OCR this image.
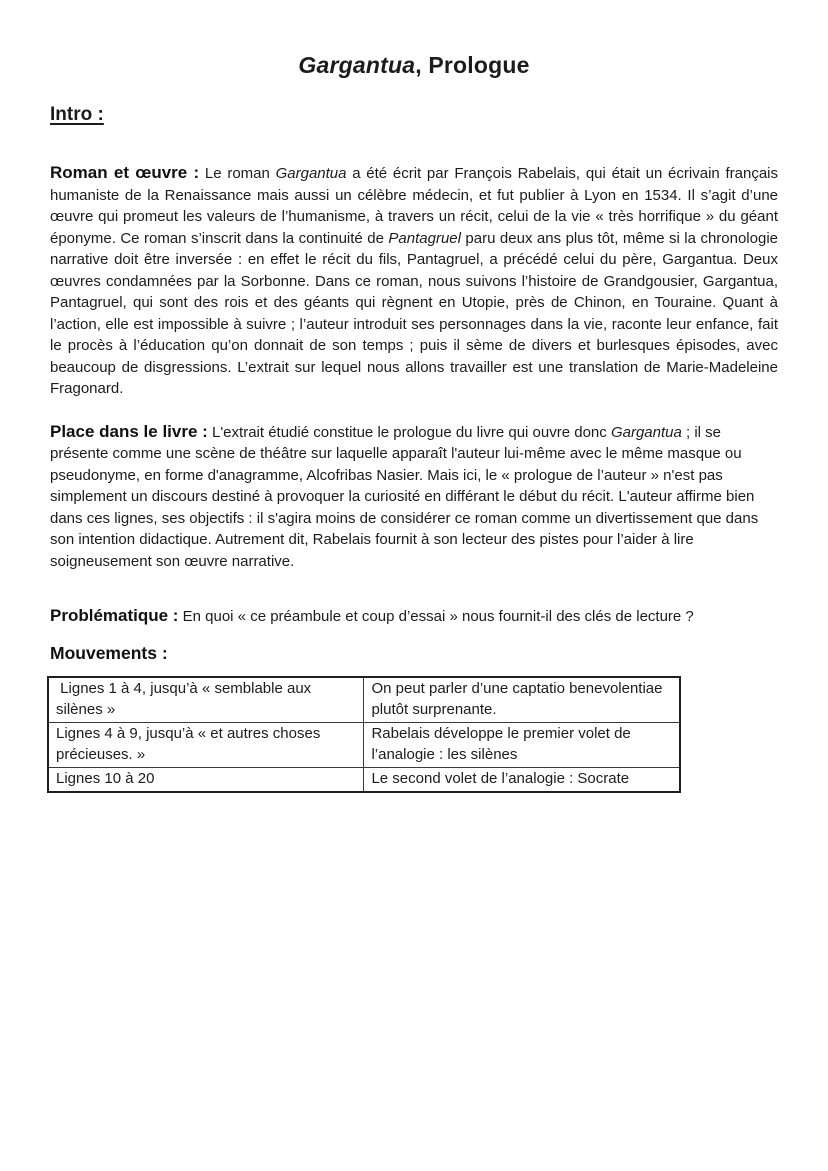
Gargantua, Prologue
Intro :

Roman et œuvre : Le roman Gargantua a été écrit par François Rabelais, qui était un écrivain français humaniste de la Renaissance mais aussi un célèbre médecin, et fut publier à Lyon en 1534. Il s’agit d’une œuvre qui promeut les valeurs de l’humanisme, à travers un récit, celui de la vie « très horrifique » du géant éponyme. Ce roman s’inscrit dans la continuité de Pantagruel paru deux ans plus tôt, même si la chronologie narrative doit être inversée : en effet le récit du fils, Pantagruel, a précédé celui du père, Gargantua. Deux œuvres condamnées par la Sorbonne. Dans ce roman, nous suivons l’histoire de Grandgousier, Gargantua, Pantagruel, qui sont des rois et des géants qui règnent en Utopie, près de Chinon, en Touraine. Quant à l’action, elle est impossible à suivre ; l’auteur introduit ses personnages dans la vie, raconte leur enfance, fait le procès à l’éducation qu’on donnait de son temps ; puis il sème de divers et burlesques épisodes, avec beaucoup de disgressions. L’extrait sur lequel nous allons travailler est une translation de Marie-Madeleine Fragonard.

Place dans le livre : L'extrait étudié constitue le prologue du livre qui ouvre donc Gargantua ; il se présente comme une scène de théâtre sur laquelle apparaît l'auteur lui-même avec le même masque ou pseudonyme, en forme d'anagramme, Alcofribas Nasier. Mais ici, le « prologue de l’auteur » n'est pas simplement un discours destiné à provoquer la curiosité en différant le début du récit. L'auteur affirme bien dans ces lignes, ses objectifs : il s'agira moins de considérer ce roman comme un divertissement que dans son intention didactique. Autrement dit, Rabelais fournit à son lecteur des pistes pour l’aider à lire soigneusement son œuvre narrative.

Problématique : En quoi « ce préambule et coup d’essai » nous fournit-il des clés de lecture ?

Mouvements :
Lignes 1 à 4, jusqu’à « semblable aux silènes »	On peut parler d’une captatio benevolentiae plutôt surprenante.
Lignes 4 à 9, jusqu’à « et autres choses précieuses. »	Rabelais développe le premier volet de l’analogie : les silènes
Lignes 10 à 20	Le second volet de l’analogie : Socrate
